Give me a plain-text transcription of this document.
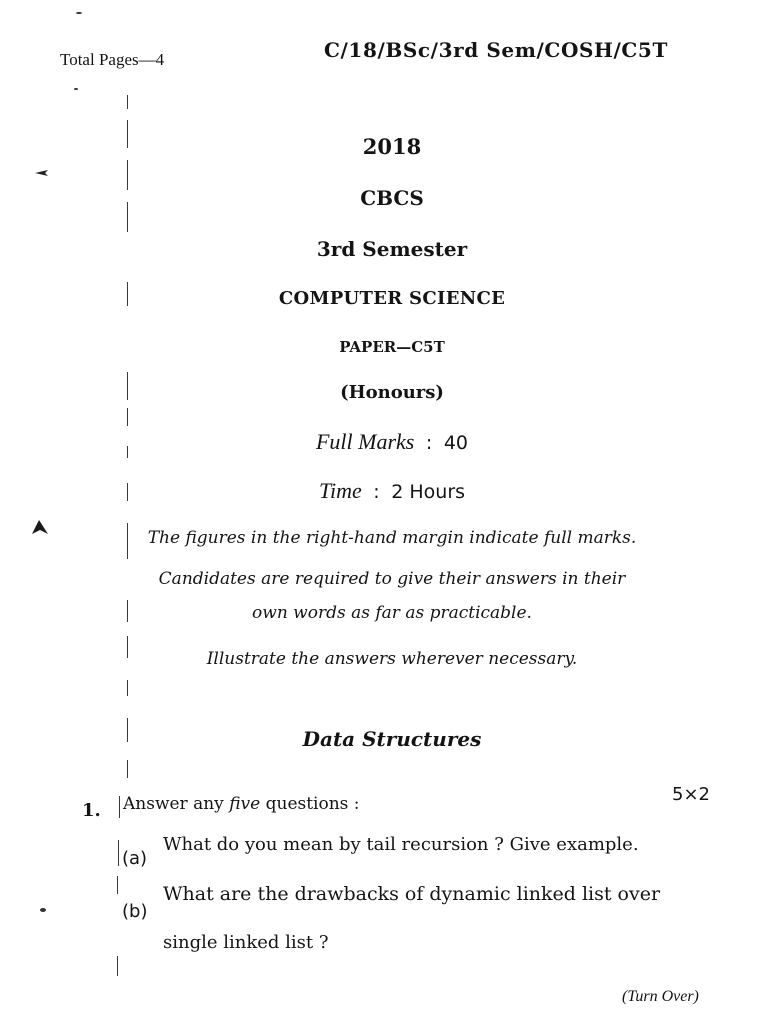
Total Pages—4	C/18/BSc/3rd Sem/COSH/C5T
2018
CBCS
3rd Semester
COMPUTER SCIENCE
PAPER—C5T
(Honours)
Full Marks  :  40
Time  :  2 Hours
The figures in the right-hand margin indicate full marks.
Candidates are required to give their answers in their
own words as far as practicable.
Illustrate the answers wherever necessary.
Data Structures
1. Answer any five questions :	5×2
(a)
What do you mean by tail recursion ? Give example.
(b)
What are the drawbacks of dynamic linked list over
single linked list ?
(Turn Over)
